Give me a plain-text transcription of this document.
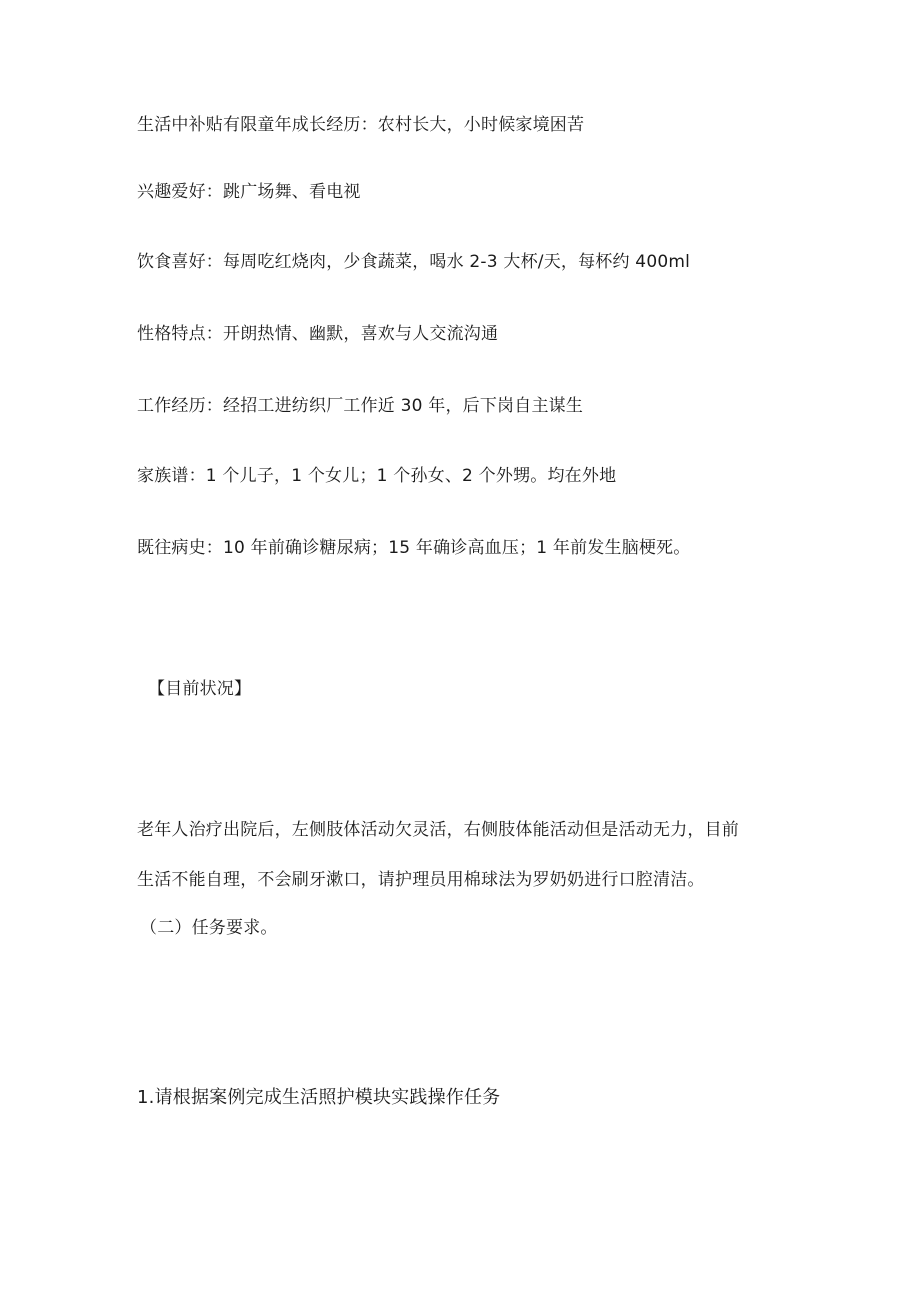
生活中补贴有限童年成长经历：农村长大，小时候家境困苦
兴趣爱好：跳广场舞、看电视
饮食喜好：每周吃红烧肉，少食蔬菜，喝水 2-3 大杯/天，每杯约 400ml
性格特点：开朗热情、幽默，喜欢与人交流沟通
工作经历：经招工进纺织厂工作近 30 年，后下岗自主谋生
家族谱：1 个儿子，1 个女儿；1 个孙女、2 个外甥。均在外地
既往病史：10 年前确诊糖尿病；15 年确诊高血压；1 年前发生脑梗死。
【目前状况】
老年人治疗出院后，左侧肢体活动欠灵活，右侧肢体能活动但是活动无力，目前
生活不能自理，不会刷牙漱口，请护理员用棉球法为罗奶奶进行口腔清洁。
（二）任务要求。
1.请根据案例完成生活照护模块实践操作任务
